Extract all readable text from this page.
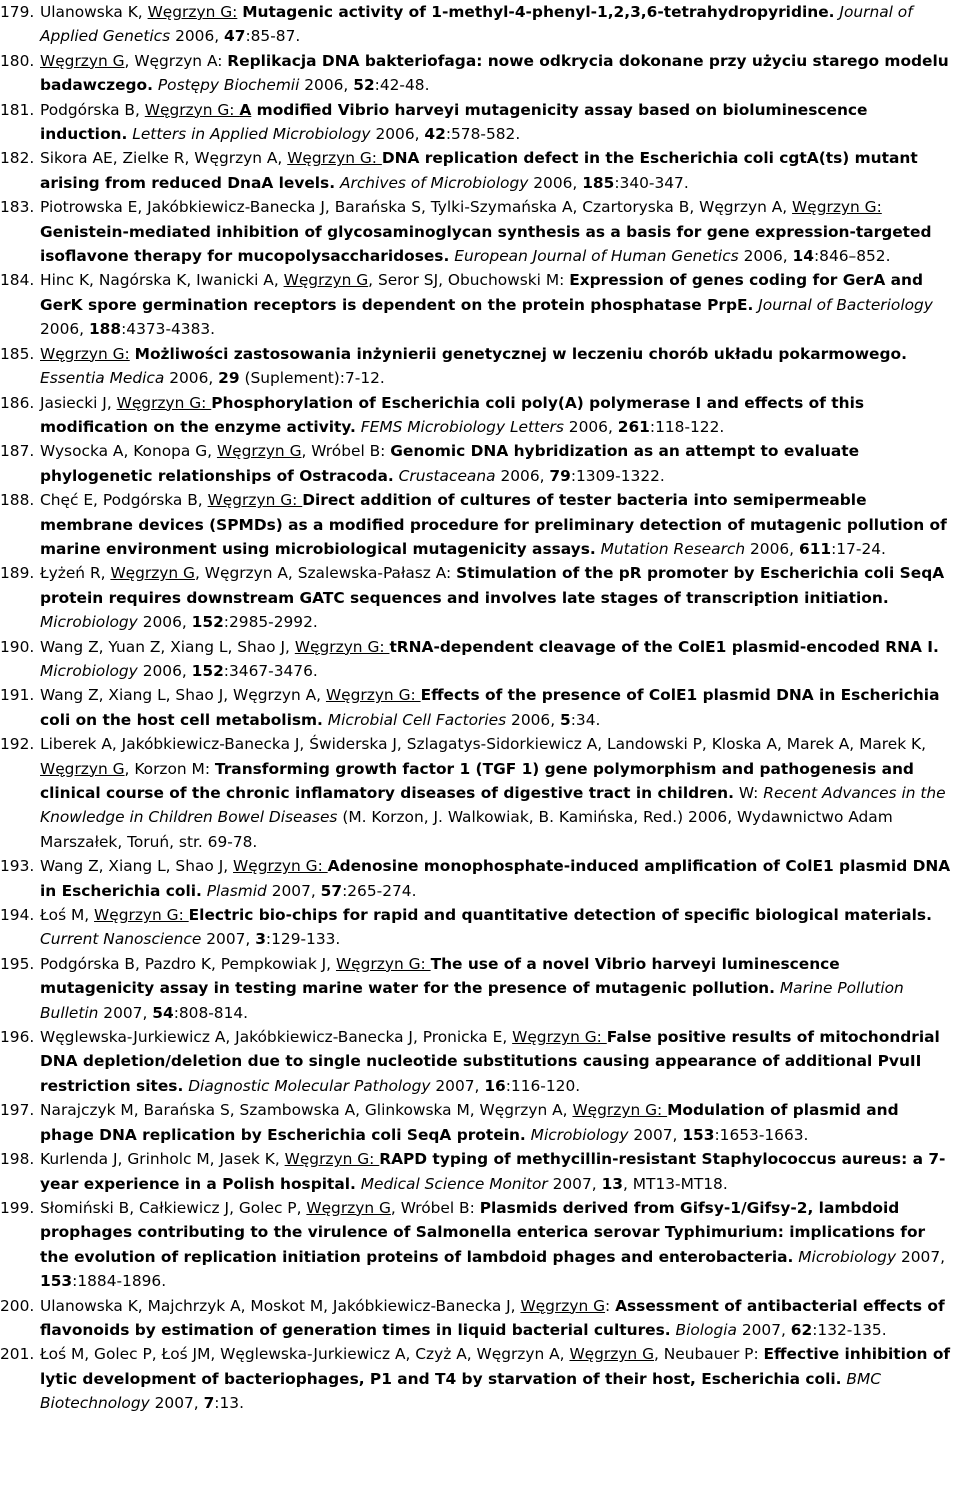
179. Ulanowska K, Węgrzyn G: Mutagenic activity of 1-methyl-4-phenyl-1,2,3,6-tetrahydropyridine. Journal of Applied Genetics 2006, 47:85-87.
180. Węgrzyn G, Węgrzyn A: Replikacja DNA bakteriofaga: nowe odkrycia dokonane przy użyciu starego modelu badawczego. Postępy Biochemii 2006, 52:42-48.
181. Podgórska B, Węgrzyn G: A modified Vibrio harveyi mutagenicity assay based on bioluminescence induction. Letters in Applied Microbiology 2006, 42:578-582.
182. Sikora AE, Zielke R, Węgrzyn A, Węgrzyn G: DNA replication defect in the Escherichia coli cgtA(ts) mutant arising from reduced DnaA levels. Archives of Microbiology 2006, 185:340-347.
183. Piotrowska E, Jakóbkiewicz-Banecka J, Barańska S, Tylki-Szymańska A, Czartoryska B, Węgrzyn A, Węgrzyn G: Genistein-mediated inhibition of glycosaminoglycan synthesis as a basis for gene expression-targeted isoflavone therapy for mucopolysaccharidoses. European Journal of Human Genetics 2006, 14:846–852.
184. Hinc K, Nagórska K, Iwanicki A, Węgrzyn G, Seror SJ, Obuchowski M: Expression of genes coding for GerA and GerK spore germination receptors is dependent on the protein phosphatase PrpE. Journal of Bacteriology 2006, 188:4373-4383.
185. Węgrzyn G: Możliwości zastosowania inżynierii genetycznej w leczeniu chorób układu pokarmowego. Essentia Medica 2006, 29 (Suplement):7-12.
186. Jasiecki J, Węgrzyn G: Phosphorylation of Escherichia coli poly(A) polymerase I and effects of this modification on the enzyme activity. FEMS Microbiology Letters 2006, 261:118-122.
187. Wysocka A, Konopa G, Węgrzyn G, Wróbel B: Genomic DNA hybridization as an attempt to evaluate phylogenetic relationships of Ostracoda. Crustaceana 2006, 79:1309-1322.
188. Chęć E, Podgórska B, Węgrzyn G: Direct addition of cultures of tester bacteria into semipermeable membrane devices (SPMDs) as a modified procedure for preliminary detection of mutagenic pollution of marine environment using microbiological mutagenicity assays. Mutation Research 2006, 611:17-24.
189. Łyżeń R, Węgrzyn G, Węgrzyn A, Szalewska-Pałasz A: Stimulation of the pR promoter by Escherichia coli SeqA protein requires downstream GATC sequences and involves late stages of transcription initiation. Microbiology 2006, 152:2985-2992.
190. Wang Z, Yuan Z, Xiang L, Shao J, Węgrzyn G: tRNA-dependent cleavage of the ColE1 plasmid-encoded RNA I. Microbiology 2006, 152:3467-3476.
191. Wang Z, Xiang L, Shao J, Węgrzyn A, Węgrzyn G: Effects of the presence of ColE1 plasmid DNA in Escherichia coli on the host cell metabolism. Microbial Cell Factories 2006, 5:34.
192. Liberek A, Jakóbkiewicz-Banecka J, Świderska J, Szlagatys-Sidorkiewicz A, Landowski P, Kloska A, Marek A, Marek K, Węgrzyn G, Korzon M: Transforming growth factor 1 (TGF 1) gene polymorphism and pathogenesis and clinical course of the chronic inflamatory diseases of digestive tract in children. W: Recent Advances in the Knowledge in Children Bowel Diseases (M. Korzon, J. Walkowiak, B. Kamińska, Red.) 2006, Wydawnictwo Adam Marszałek, Toruń, str. 69-78.
193. Wang Z, Xiang L, Shao J, Węgrzyn G: Adenosine monophosphate-induced amplification of ColE1 plasmid DNA in Escherichia coli. Plasmid 2007, 57:265-274.
194. Łoś M, Węgrzyn G: Electric bio-chips for rapid and quantitative detection of specific biological materials. Current Nanoscience 2007, 3:129-133.
195. Podgórska B, Pazdro K, Pempkowiak J, Węgrzyn G: The use of a novel Vibrio harveyi luminescence mutagenicity assay in testing marine water for the presence of mutagenic pollution. Marine Pollution Bulletin 2007, 54:808-814.
196. Węglewska-Jurkiewicz A, Jakóbkiewicz-Banecka J, Pronicka E, Węgrzyn G: False positive results of mitochondrial DNA depletion/deletion due to single nucleotide substitutions causing appearance of additional PvuII restriction sites. Diagnostic Molecular Pathology 2007, 16:116-120.
197. Narajczyk M, Barańska S, Szambowska A, Glinkowska M, Węgrzyn A, Węgrzyn G: Modulation of plasmid and phage DNA replication by Escherichia coli SeqA protein. Microbiology 2007, 153:1653-1663.
198. Kurlenda J, Grinholc M, Jasek K, Węgrzyn G: RAPD typing of methycillin-resistant Staphylococcus aureus: a 7-year experience in a Polish hospital. Medical Science Monitor 2007, 13, MT13-MT18.
199. Słomiński B, Całkiewicz J, Golec P, Węgrzyn G, Wróbel B: Plasmids derived from Gifsy-1/Gifsy-2, lambdoid prophages contributing to the virulence of Salmonella enterica serovar Typhimurium: implications for the evolution of replication initiation proteins of lambdoid phages and enterobacteria. Microbiology 2007, 153:1884-1896.
200. Ulanowska K, Majchrzyk A, Moskot M, Jakóbkiewicz-Banecka J, Węgrzyn G: Assessment of antibacterial effects of flavonoids by estimation of generation times in liquid bacterial cultures. Biologia 2007, 62:132-135.
201. Łoś M, Golec P, Łoś JM, Węglewska-Jurkiewicz A, Czyż A, Węgrzyn A, Węgrzyn G, Neubauer P: Effective inhibition of lytic development of bacteriophages, P1 and T4 by starvation of their host, Escherichia coli. BMC Biotechnology 2007, 7:13.
